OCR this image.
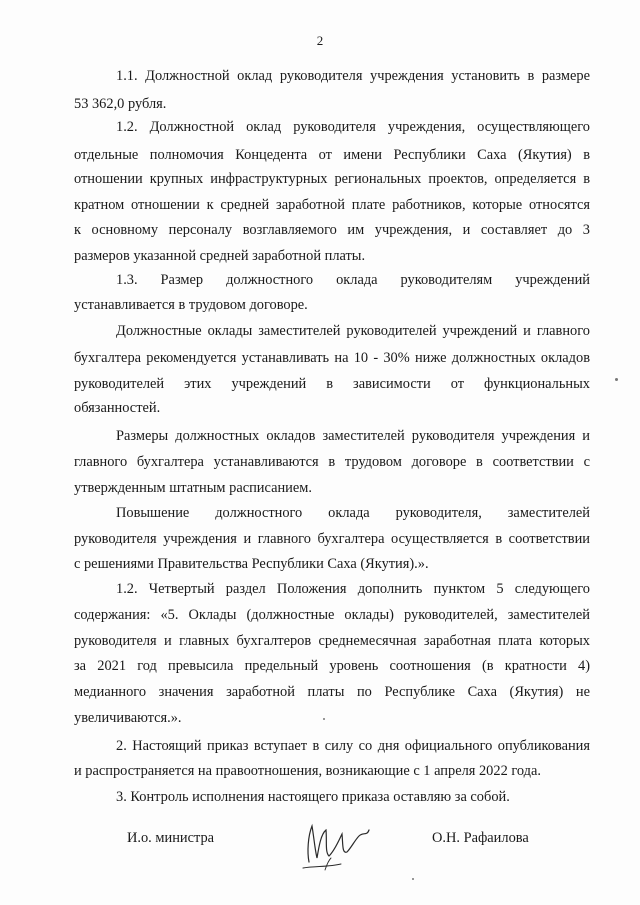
2
1.1. Должностной оклад руководителя учреждения установить в размере
53 362,0 рубля.
1.2. Должностной оклад руководителя учреждения, осуществляющего
отдельные полномочия Концедента от имени Республики Саха (Якутия) в
отношении крупных инфраструктурных региональных проектов, определяется в
кратном отношении к средней заработной плате работников, которые относятся
к основному персоналу возглавляемого им учреждения, и составляет до 3
размеров указанной средней заработной платы.
1.3. Размер должностного оклада руководителям учреждений
устанавливается в трудовом договоре.
Должностные оклады заместителей руководителей учреждений и главного
бухгалтера рекомендуется устанавливать на 10 - 30% ниже должностных окладов
руководителей этих учреждений в зависимости от функциональных
обязанностей.
Размеры должностных окладов заместителей руководителя учреждения и
главного бухгалтера устанавливаются в трудовом договоре в соответствии с
утвержденным штатным расписанием.
Повышение должностного оклада руководителя, заместителей
руководителя учреждения и главного бухгалтера осуществляется в соответствии
с решениями Правительства Республики Саха (Якутия).».
1.2. Четвертый раздел Положения дополнить пунктом 5 следующего
содержания: «5. Оклады (должностные оклады) руководителей, заместителей
руководителя и главных бухгалтеров среднемесячная заработная плата которых
за 2021 год превысила предельный уровень соотношения (в кратности 4)
медианного значения заработной платы по Республике Саха (Якутия) не
увеличиваются.».
2. Настоящий приказ вступает в силу со дня официального опубликования
и распространяется на правоотношения, возникающие с 1 апреля 2022 года.
3. Контроль исполнения настоящего приказа оставляю за собой.
И.о. министра	О.Н. Рафаилова
